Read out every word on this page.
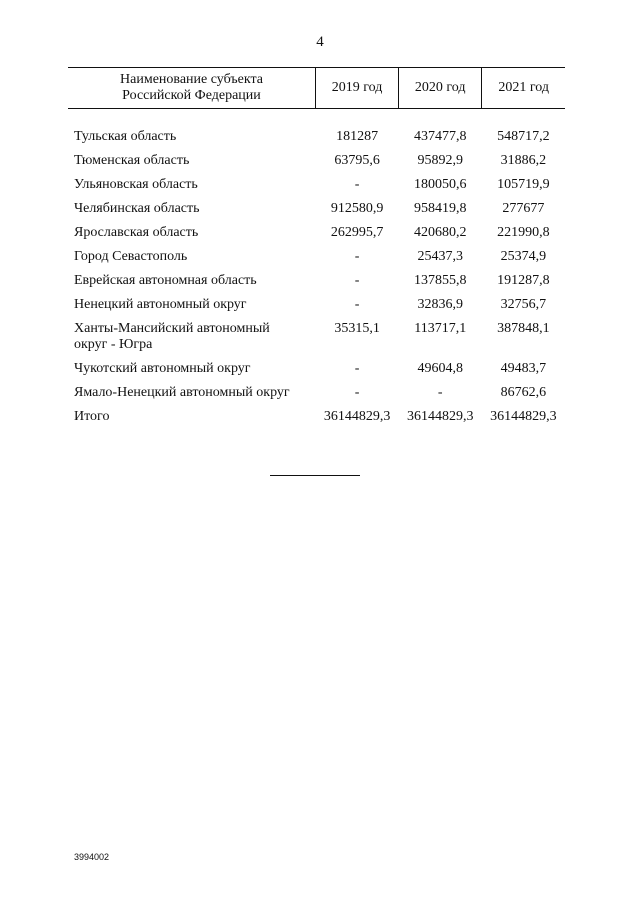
4
Наименование субъекта
Российской Федерации	2019 год	2020 год	2021 год

Тульская область	181287	437477,8	548717,2
Тюменская область	63795,6	95892,9	31886,2
Ульяновская область	-	180050,6	105719,9
Челябинская область	912580,9	958419,8	277677
Ярославская область	262995,7	420680,2	221990,8
Город Севастополь	-	25437,3	25374,9
Еврейская автономная область	-	137855,8	191287,8
Ненецкий автономный округ	-	32836,9	32756,7
Ханты-Мансийский автономный
округ - Югра	35315,1	113717,1	387848,1
Чукотский автономный округ	-	49604,8	49483,7
Ямало-Ненецкий автономный округ	-	-	86762,6
Итого	36144829,3	36144829,3	36144829,3
3994002
